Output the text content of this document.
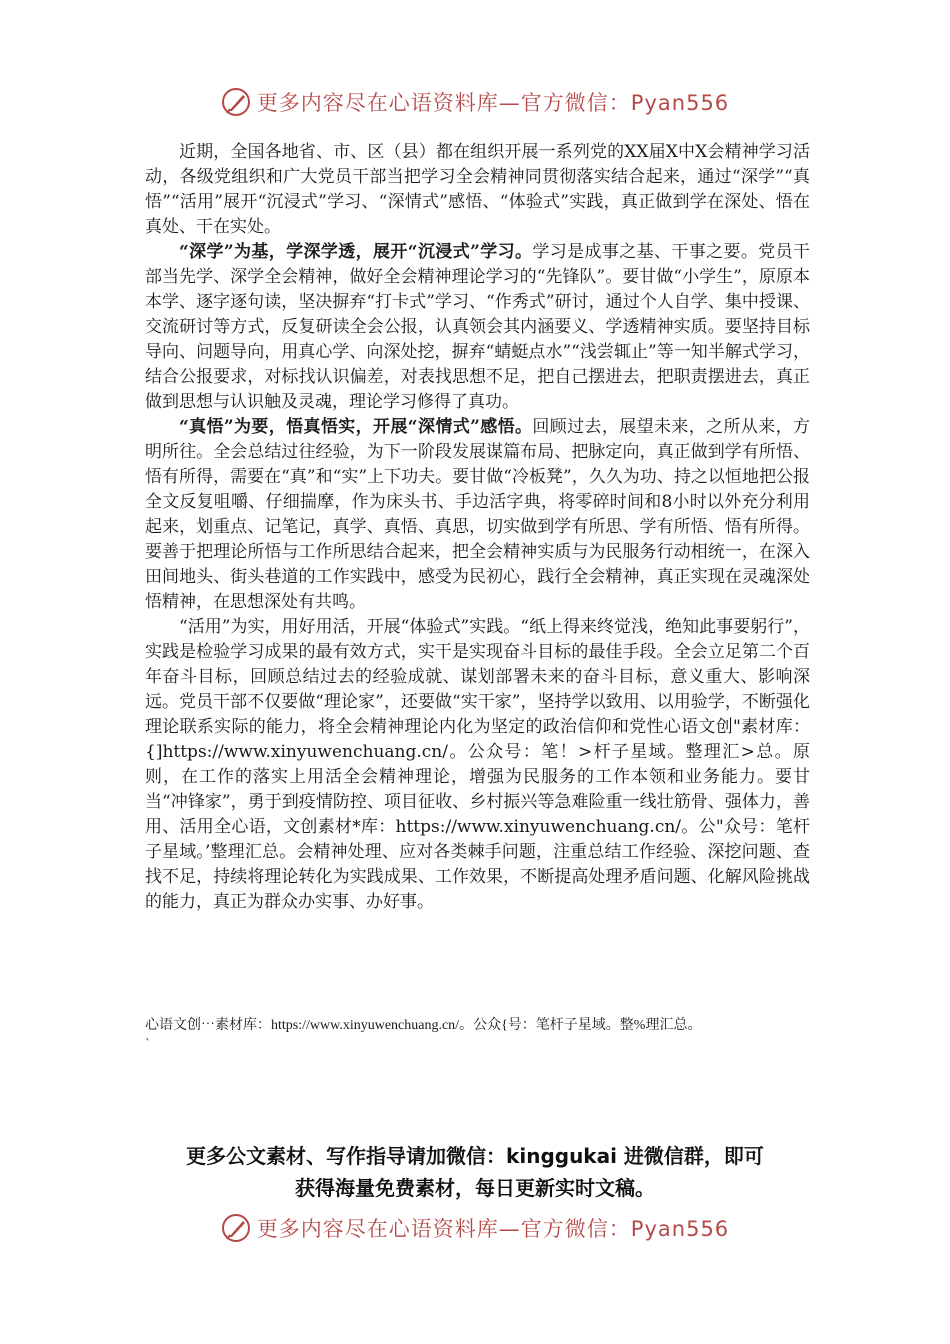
更多内容尽在心语资料库—官方微信：Pyan556

近期，全国各地省、市、区（县）都在组织开展一系列党的XX届X中X会精神学习活动，各级党组织和广大党员干部当把学习全会精神同贯彻落实结合起来，通过“深学”“真悟”“活用”展开“沉浸式”学习、“深情式”感悟、“体验式”实践，真正做到学在深处、悟在真处、干在实处。

“深学”为基，学深学透，展开“沉浸式”学习。学习是成事之基、干事之要。党员干部当先学、深学全会精神，做好全会精神理论学习的“先锋队”。要甘做“小学生”，原原本本学、逐字逐句读，坚决摒弃“打卡式”学习、“作秀式”研讨，通过个人自学、集中授课、交流研讨等方式，反复研读全会公报，认真领会其内涵要义、学透精神实质。要坚持目标导向、问题导向，用真心学、向深处挖，摒弃“蜻蜓点水”“浅尝辄止”等一知半解式学习，结合公报要求，对标找认识偏差，对表找思想不足，把自己摆进去，把职责摆进去，真正做到思想与认识触及灵魂，理论学习修得了真功。

“真悟”为要，悟真悟实，开展“深情式”感悟。回顾过去，展望未来，之所从来，方明所往。全会总结过往经验，为下一阶段发展谋篇布局、把脉定向，真正做到学有所悟、悟有所得，需要在“真”和“实”上下功夫。要甘做“冷板凳”，久久为功、持之以恒地把公报全文反复咀嚼、仔细揣摩，作为床头书、手边活字典，将零碎时间和8小时以外充分利用起来，划重点、记笔记，真学、真悟、真思，切实做到学有所思、学有所悟、悟有所得。要善于把理论所悟与工作所思结合起来，把全会精神实质与为民服务行动相统一，在深入田间地头、街头巷道的工作实践中，感受为民初心，践行全会精神，真正实现在灵魂深处悟精神，在思想深处有共鸣。

“活用”为实，用好用活，开展“体验式”实践。“纸上得来终觉浅，绝知此事要躬行”，实践是检验学习成果的最有效方式，实干是实现奋斗目标的最佳手段。全会立足第二个百年奋斗目标，回顾总结过去的经验成就、谋划部署未来的奋斗目标，意义重大、影响深远。党员干部不仅要做“理论家”，还要做“实干家”，坚持学以致用、以用验学，不断强化理论联系实际的能力，将全会精神理论内化为坚定的政治信仰和党性心语文创"素材库：{]https://www.xinyuwenchuang.cn/。公众号：笔！>杆子星域。整理汇>总。原则，在工作的落实上用活全会精神理论，增强为民服务的工作本领和业务能力。要甘当“冲锋家”，勇于到疫情防控、项目征收、乡村振兴等急难险重一线壮筋骨、强体力，善用、活用全心语，文创素材*库：https://www.xinyuwenchuang.cn/。公"众号：笔杆子星域。’整理汇总。会精神处理、应对各类棘手问题，注重总结工作经验、深挖问题、查找不足，持续将理论转化为实践成果、工作效果，不断提高处理矛盾问题、化解风险挑战的能力，真正为群众办实事、办好事。

心语文创⋯素材库：https://www.xinyuwenchuang.cn/。公众{号：笔杆子星域。整%理汇总。

`
更多公文素材、写作指导请加微信：kinggukai 进微信群，即可
获得海量免费素材，每日更新实时文稿。
更多内容尽在心语资料库—官方微信：Pyan556
